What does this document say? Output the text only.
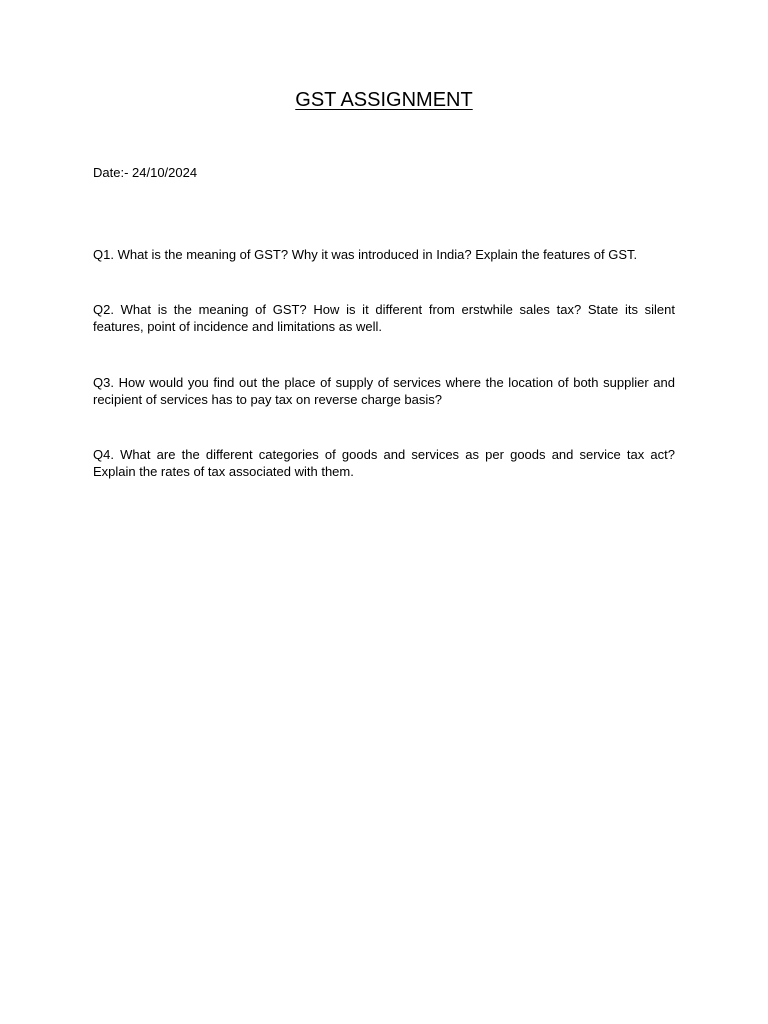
GST ASSIGNMENT

Date:- 24/10/2024

Q1. What is the meaning of GST? Why it was introduced in India? Explain the features of GST.

Q2. What is the meaning of GST? How is it different from erstwhile sales tax? State its silent features, point of incidence and limitations as well.

Q3. How would you find out the place of supply of services where the location of both supplier and recipient of services has to pay tax on reverse charge basis?

Q4. What are the different categories of goods and services as per goods and service tax act? Explain the rates of tax associated with them.
